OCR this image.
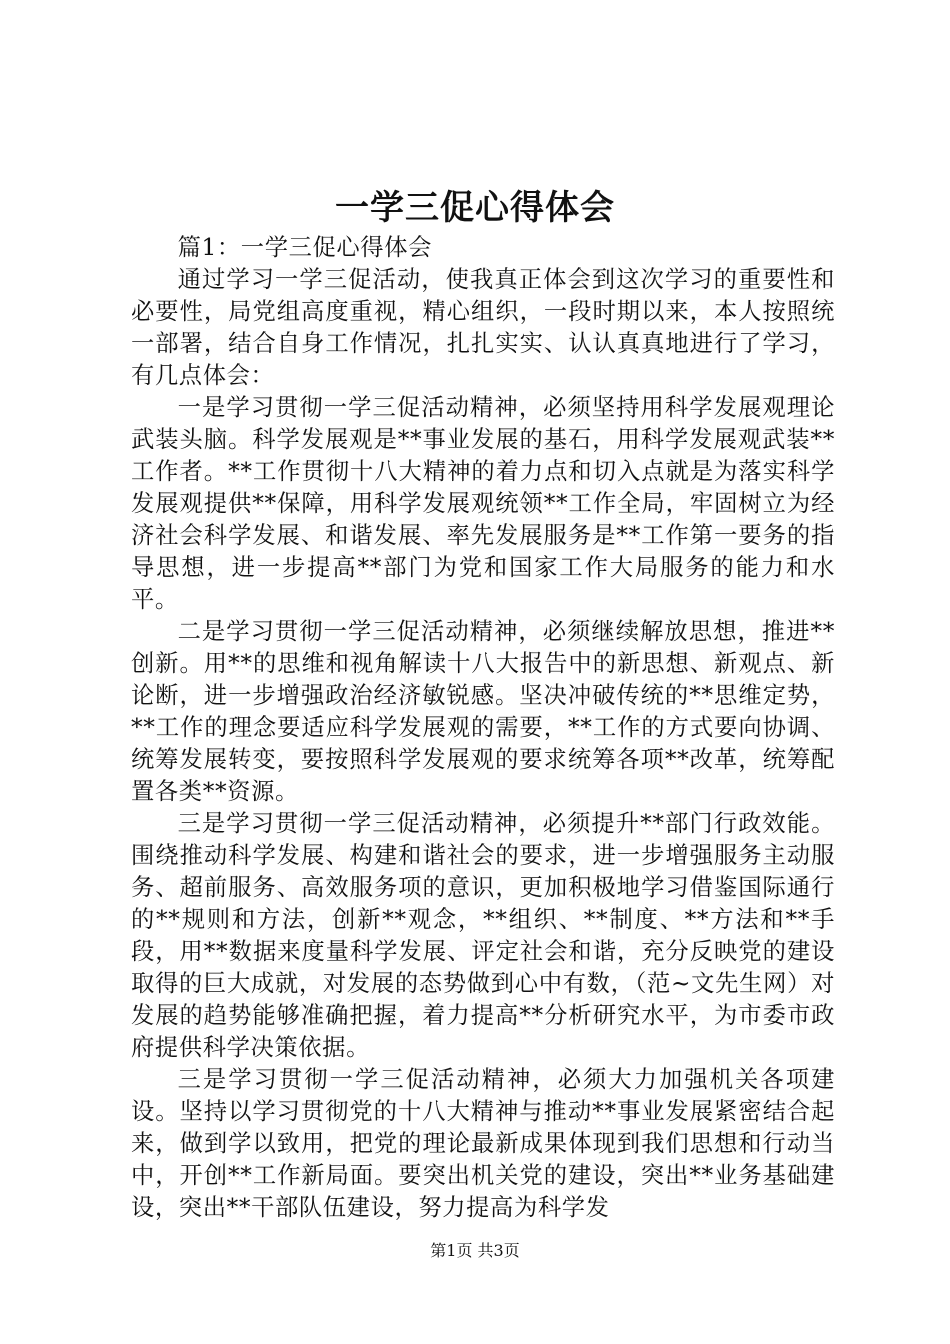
一学三促心得体会

篇1：一学三促心得体会

通过学习一学三促活动，使我真正体会到这次学习的重要性和必要性，局党组高度重视，精心组织，一段时期以来，本人按照统一部署，结合自身工作情况，扎扎实实、认认真真地进行了学习，有几点体会：

一是学习贯彻一学三促活动精神，必须坚持用科学发展观理论武装头脑。科学发展观是**事业发展的基石，用科学发展观武装**工作者。**工作贯彻十八大精神的着力点和切入点就是为落实科学发展观提供**保障，用科学发展观统领**工作全局，牢固树立为经济社会科学发展、和谐发展、率先发展服务是**工作第一要务的指导思想，进一步提高**部门为党和国家工作大局服务的能力和水平。

二是学习贯彻一学三促活动精神，必须继续解放思想，推进**创新。用**的思维和视角解读十八大报告中的新思想、新观点、新论断，进一步增强政治经济敏锐感。坚决冲破传统的**思维定势，**工作的理念要适应科学发展观的需要，**工作的方式要向协调、统筹发展转变，要按照科学发展观的要求统筹各项**改革，统筹配置各类**资源。

三是学习贯彻一学三促活动精神，必须提升**部门行政效能。围绕推动科学发展、构建和谐社会的要求，进一步增强服务主动服务、超前服务、高效服务项的意识，更加积极地学习借鉴国际通行的**规则和方法，创新**观念，**组织、**制度、**方法和**手段，用**数据来度量科学发展、评定社会和谐，充分反映党的建设取得的巨大成就，对发展的态势做到心中有数，（范~文先生网）对发展的趋势能够准确把握，着力提高**分析研究水平，为市委市政府提供科学决策依据。

三是学习贯彻一学三促活动精神，必须大力加强机关各项建设。坚持以学习贯彻党的十八大精神与推动**事业发展紧密结合起来，做到学以致用，把党的理论最新成果体现到我们思想和行动当中，开创**工作新局面。要突出机关党的建设，突出**业务基础建设，突出**干部队伍建设，努力提高为科学发

第1页 共3页
